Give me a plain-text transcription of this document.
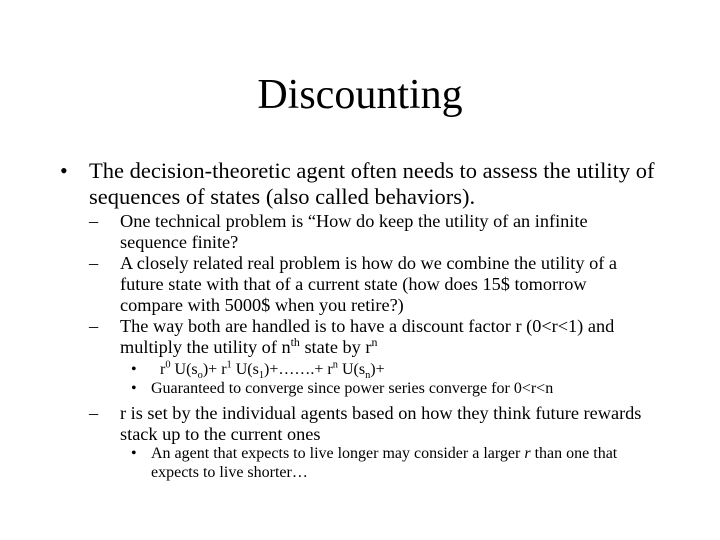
Discounting
• The decision-theoretic agent often needs to assess the utility of sequences of states (also called behaviors).
– One technical problem is “How do keep the utility of an infinite sequence finite?
– A closely related real problem is how do we combine the utility of a future state with that of a current state (how does 15$ tomorrow compare with 5000$ when you retire?)
– The way both are handled is to have a discount factor r (0<r<1) and multiply the utility of $n^{th}$ state by $r^n$
• $r^0$ $U(s_o)+ r^1$ $U(s_1)+\dots\dots.+ r^n$ $U(s_n)+$
• Guaranteed to converge since power series converge for 0<r<n
– r is set by the individual agents based on how they think future rewards stack up to the current ones
• An agent that expects to live longer may consider a larger r than one that expects to live shorter…
